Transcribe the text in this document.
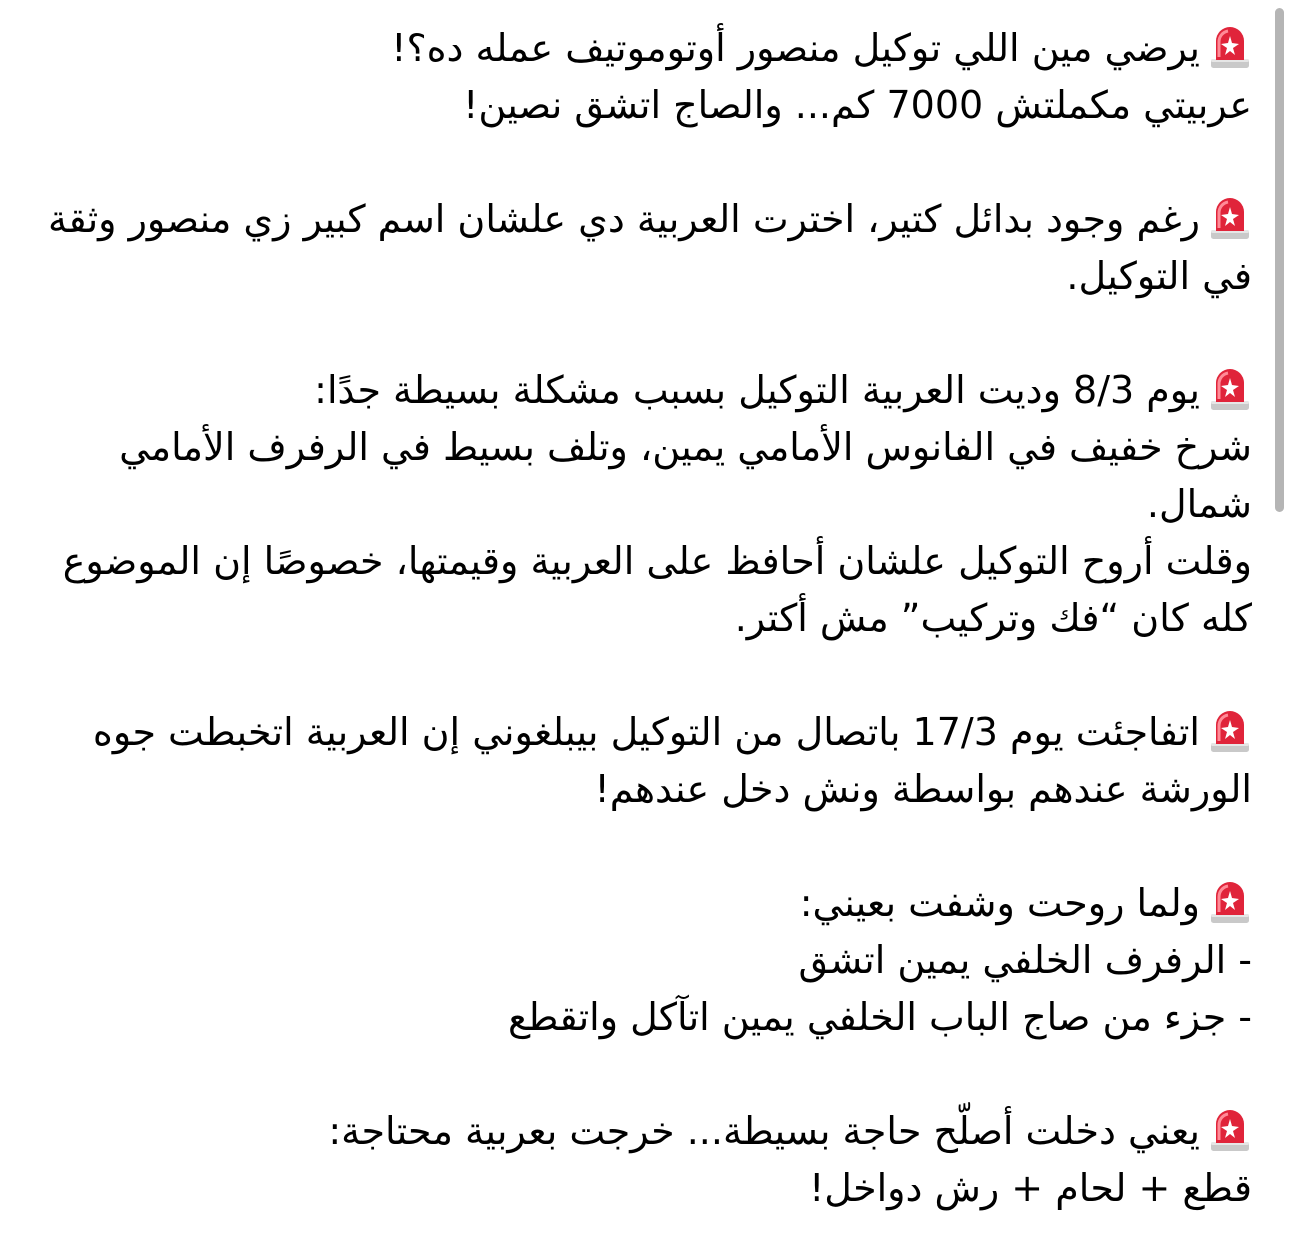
يرضي مين اللي توكيل منصور أوتوموتيف عمله ده؟!
عربيتي مكملتش 7000 كم... والصاج اتشق نصين!
رغم وجود بدائل كتير، اخترت العربية دي علشان اسم كبير زي منصور وثقة في التوكيل.
يوم 8/3 وديت العربية التوكيل بسبب مشكلة بسيطة جدًا:
شرخ خفيف في الفانوس الأمامي يمين، وتلف بسيط في الرفرف الأمامي شمال.
وقلت أروح التوكيل علشان أحافظ على العربية وقيمتها، خصوصًا إن الموضوع كله كان “فك وتركيب” مش أكتر.
اتفاجئت يوم 17/3 باتصال من التوكيل بيبلغوني إن العربية اتخبطت جوه الورشة عندهم بواسطة ونش دخل عندهم!
ولما روحت وشفت بعيني:
- الرفرف الخلفي يمين اتشق
- جزء من صاج الباب الخلفي يمين اتآكل واتقطع
يعني دخلت أصلّح حاجة بسيطة... خرجت بعربية محتاجة:
قطع + لحام + رش دواخل!
